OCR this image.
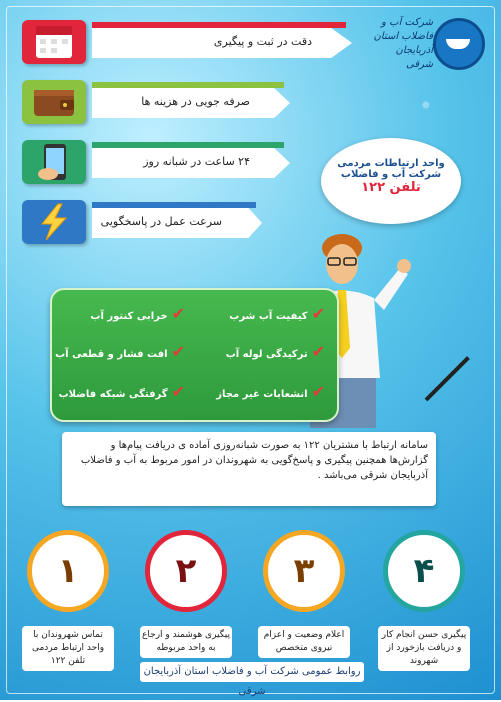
شرکت آب و فاضلاب استان آذربایجان شرقی
دقت در ثبت و پیگیری
صرفه جویی در هزینه ها
۲۴ ساعت در شبانه روز
سرعت عمل در پاسخگویی
واحد ارتباطات مردمی
شرکت آب و فاضلاب
تلفن ۱۲۲
✔کیفیت آب شرب
✔خرابی کنتور آب
✔ترکیدگی لوله آب
✔افت فشار و قطعی آب
✔انشعابات غیر مجاز
✔گرفتگی شبکه فاضلاب
سامانه ارتباط با مشتریان ۱۲۲ به صورت شبانه‌روزی آماده ی دریافت پیام‌ها و گزارش‌ها همچنین پیگیری و پاسخ‌گویی به شهروندان در امور مربوط به آب و فاضلاب آذربایجان شرقی می‌باشد .
۱
تماس شهروندان با واحد ارتباط مردمی تلفن ۱۲۲
۲
پیگیری هوشمند و ارجاع به واحد مربوطه
۳
اعلام وضعیت و اعزام نیروی متخصص
۴
پیگیری حسن انجام کار و دریافت بازخورد از شهروند
روابط عمومی شرکت آب و فاضلاب استان آذربایجان شرقی
